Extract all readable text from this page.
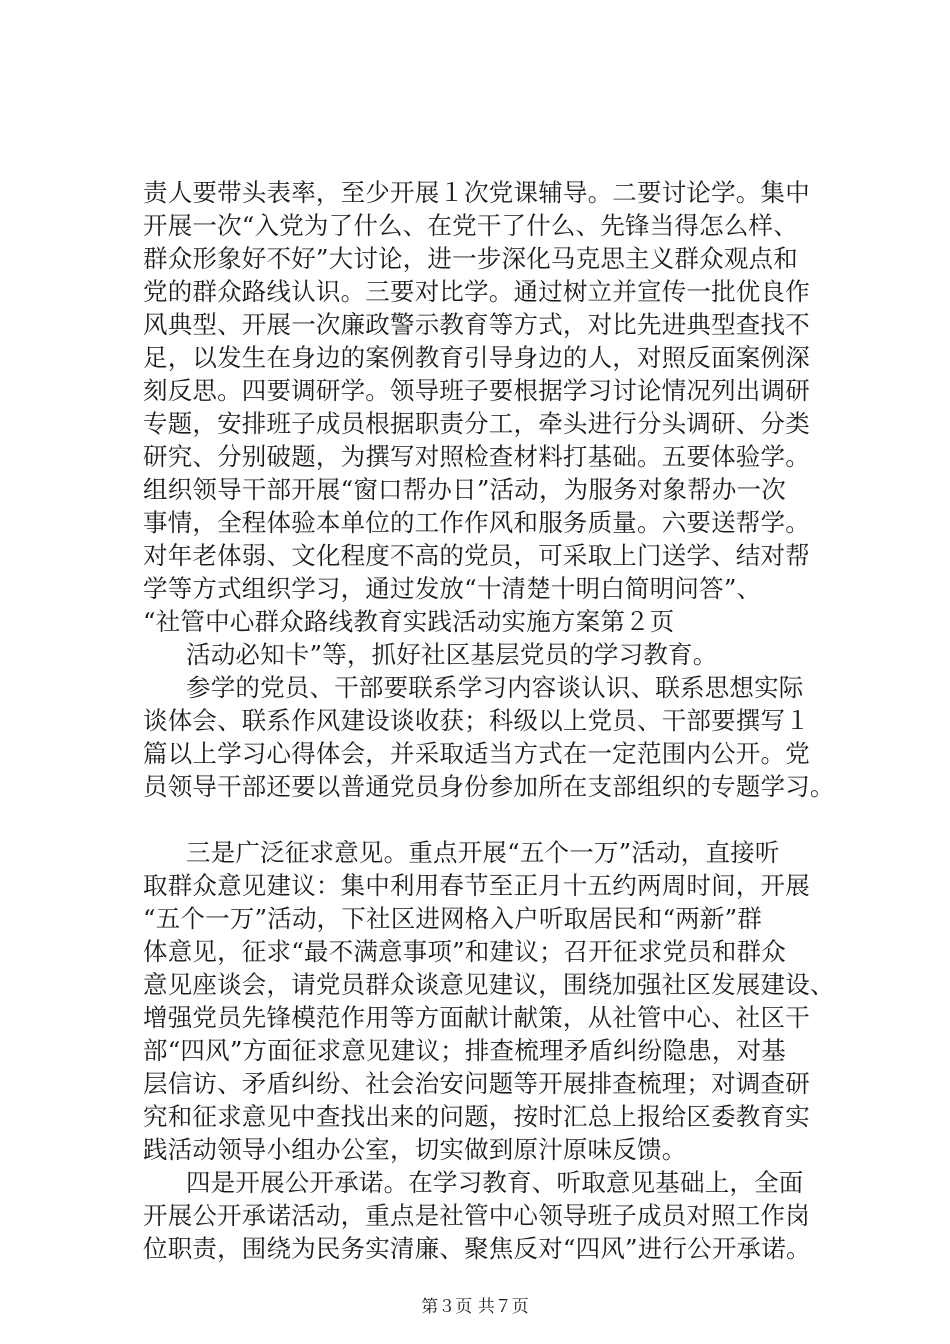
责人要带头表率，至少开展１次党课辅导。二要讨论学。集中
开展一次“入党为了什么、在党干了什么、先锋当得怎么样、
群众形象好不好”大讨论，进一步深化马克思主义群众观点和
党的群众路线认识。三要对比学。通过树立并宣传一批优良作
风典型、开展一次廉政警示教育等方式，对比先进典型查找不
足，以发生在身边的案例教育引导身边的人，对照反面案例深
刻反思。四要调研学。领导班子要根据学习讨论情况列出调研
专题，安排班子成员根据职责分工，牵头进行分头调研、分类
研究、分别破题，为撰写对照检查材料打基础。五要体验学。
组织领导干部开展“窗口帮办日”活动，为服务对象帮办一次
事情，全程体验本单位的工作作风和服务质量。六要送帮学。
对年老体弱、文化程度不高的党员，可采取上门送学、结对帮
学等方式组织学习，通过发放“十清楚十明白简明问答”、
“社管中心群众路线教育实践活动实施方案第２页
活动必知卡”等，抓好社区基层党员的学习教育。
参学的党员、干部要联系学习内容谈认识、联系思想实际
谈体会、联系作风建设谈收获；科级以上党员、干部要撰写１
篇以上学习心得体会，并采取适当方式在一定范围内公开。党
员领导干部还要以普通党员身份参加所在支部组织的专题学习。
三是广泛征求意见。重点开展“五个一万”活动，直接听
取群众意见建议：集中利用春节至正月十五约两周时间，开展
“五个一万”活动，下社区进网格入户听取居民和“两新”群
体意见，征求“最不满意事项”和建议；召开征求党员和群众
意见座谈会，请党员群众谈意见建议，围绕加强社区发展建设、
增强党员先锋模范作用等方面献计献策，从社管中心、社区干
部“四风”方面征求意见建议；排查梳理矛盾纠纷隐患，对基
层信访、矛盾纠纷、社会治安问题等开展排查梳理；对调查研
究和征求意见中查找出来的问题，按时汇总上报给区委教育实
践活动领导小组办公室，切实做到原汁原味反馈。
四是开展公开承诺。在学习教育、听取意见基础上，全面
开展公开承诺活动，重点是社管中心领导班子成员对照工作岗
位职责，围绕为民务实清廉、聚焦反对“四风”进行公开承诺。
第３页 共７页
